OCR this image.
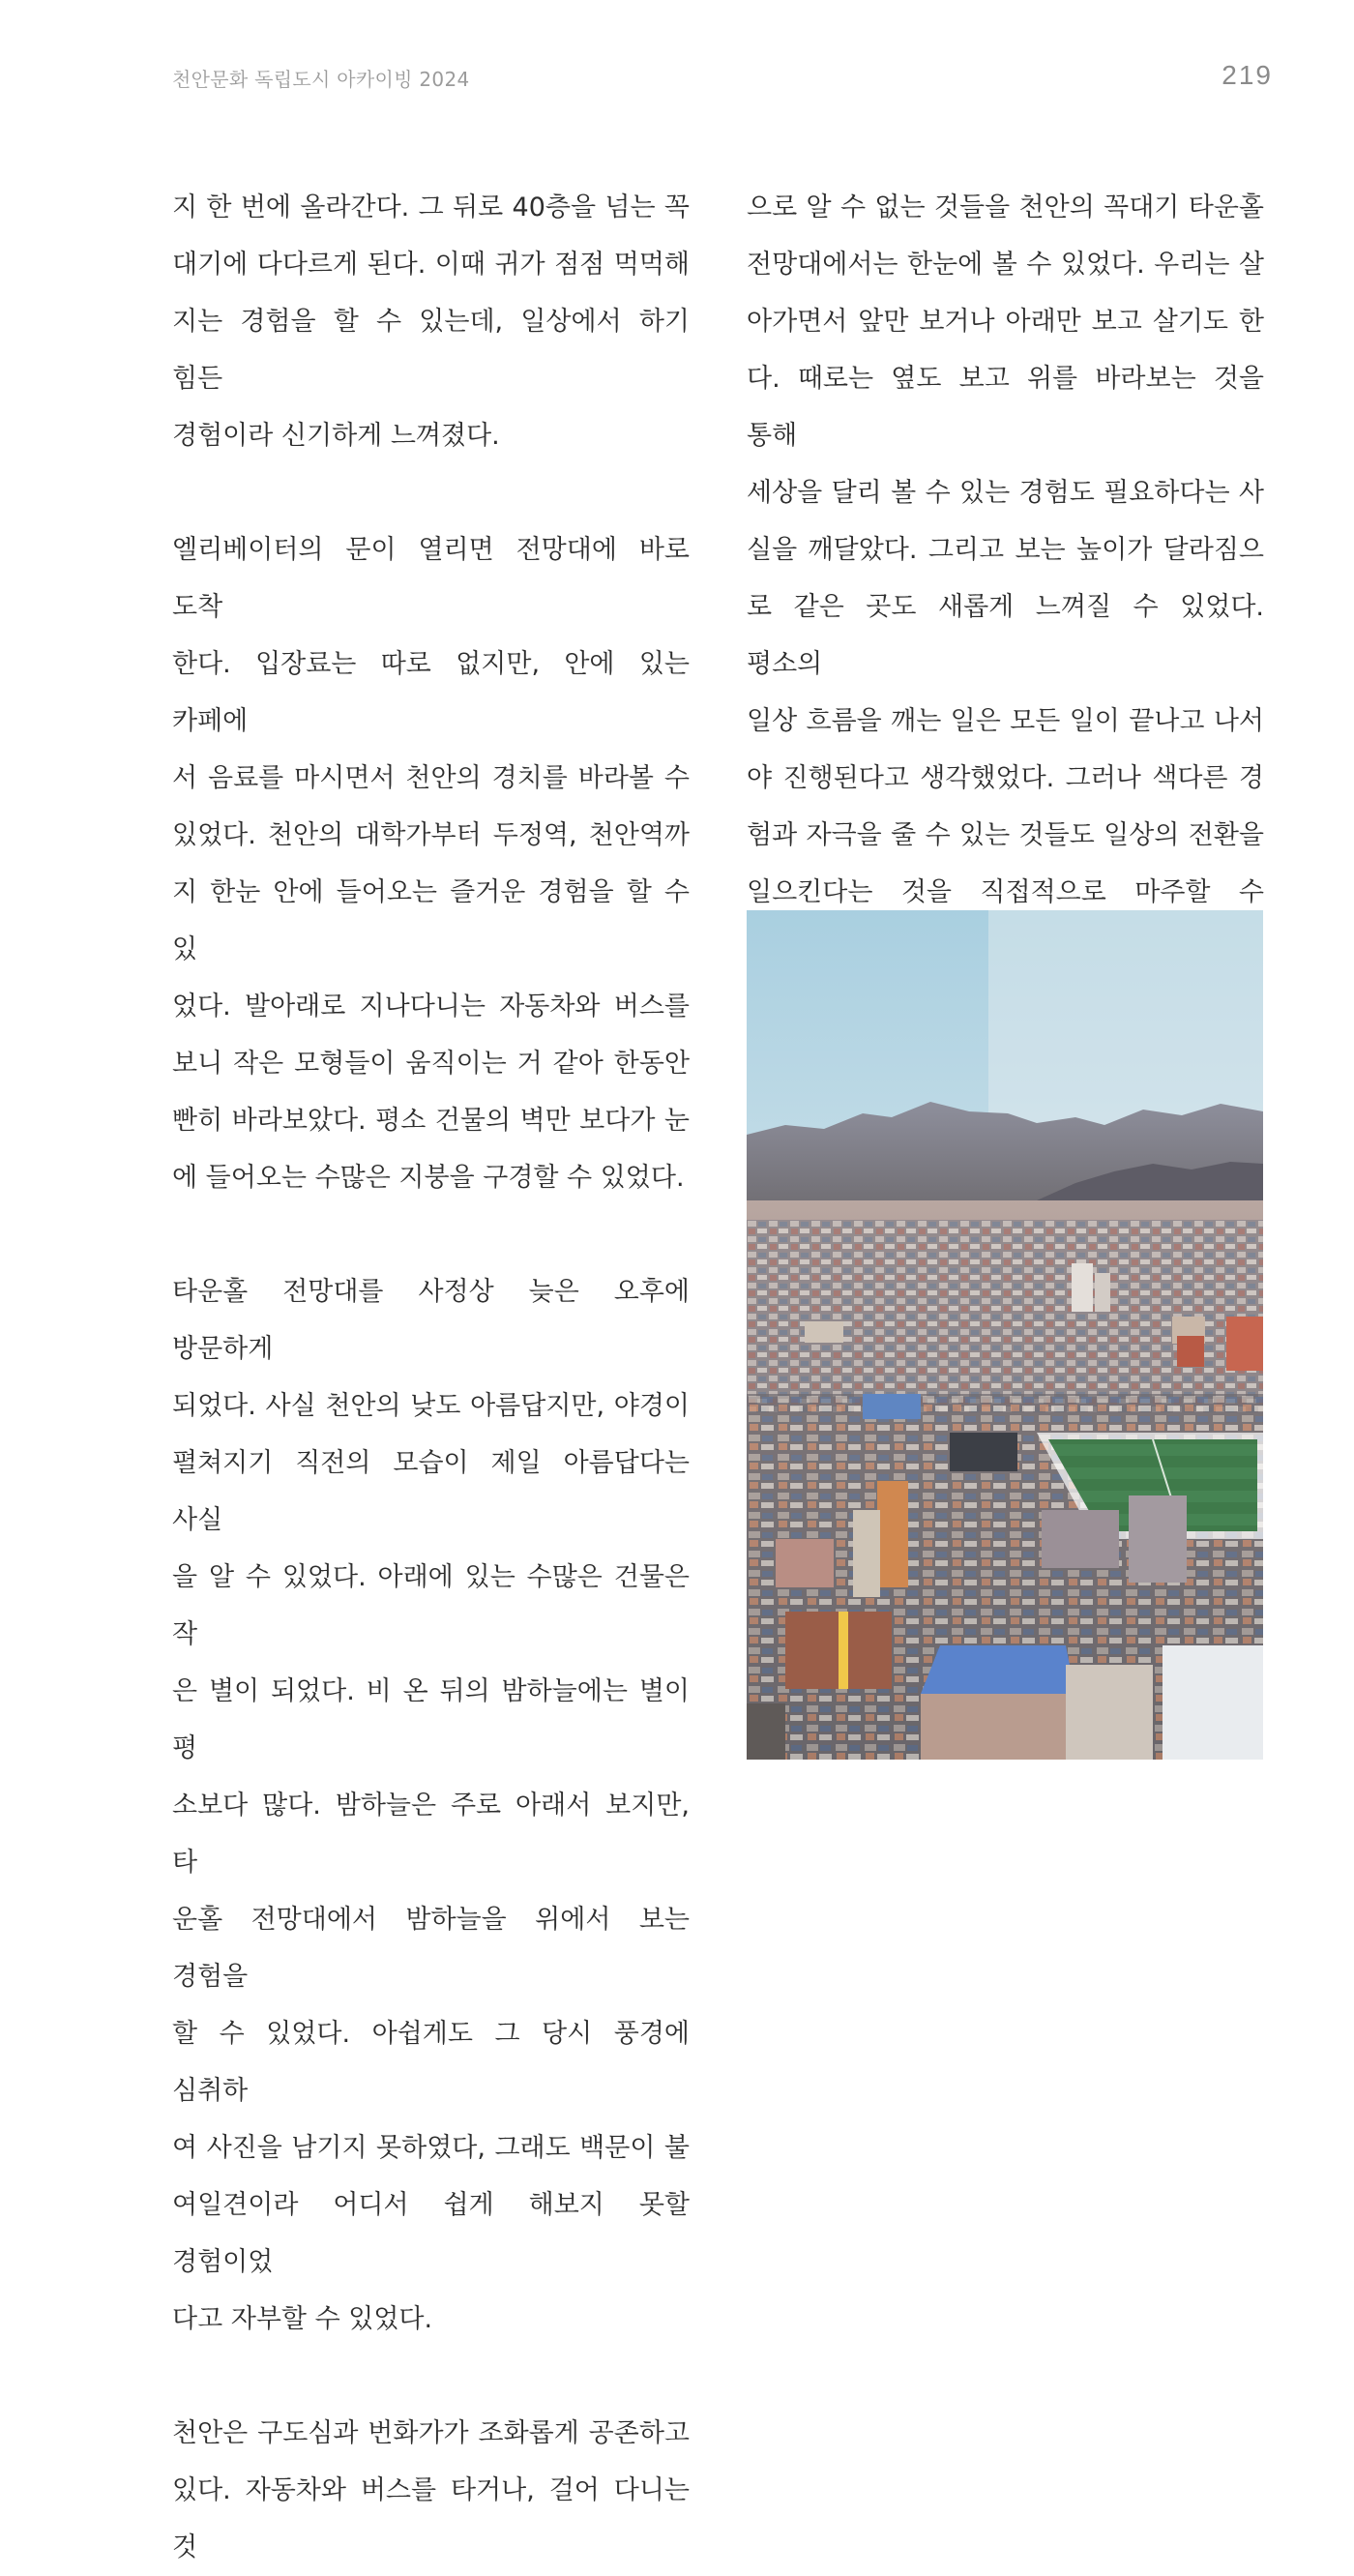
천안문화 독립도시 아카이빙 2024	219

지 한 번에 올라간다. 그 뒤로 40층을 넘는 꼭

대기에 다다르게 된다. 이때 귀가 점점 먹먹해

지는 경험을 할 수 있는데, 일상에서 하기 힘든

경험이라 신기하게 느껴졌다.

엘리베이터의 문이 열리면 전망대에 바로 도착

한다. 입장료는 따로 없지만, 안에 있는 카페에

서 음료를 마시면서 천안의 경치를 바라볼 수

있었다. 천안의 대학가부터 두정역, 천안역까

지 한눈 안에 들어오는 즐거운 경험을 할 수 있

었다. 발아래로 지나다니는 자동차와 버스를

보니 작은 모형들이 움직이는 거 같아 한동안

빤히 바라보았다. 평소 건물의 벽만 보다가 눈

에 들어오는 수많은 지붕을 구경할 수 있었다.

타운홀 전망대를 사정상 늦은 오후에 방문하게

되었다. 사실 천안의 낮도 아름답지만, 야경이

펼쳐지기 직전의 모습이 제일 아름답다는 사실

을 알 수 있었다. 아래에 있는 수많은 건물은 작

은 별이 되었다. 비 온 뒤의 밤하늘에는 별이 평

소보다 많다. 밤하늘은 주로 아래서 보지만, 타

운홀 전망대에서 밤하늘을 위에서 보는 경험을

할 수 있었다. 아쉽게도 그 당시 풍경에 심취하

여 사진을 남기지 못하였다, 그래도 백문이 불

여일견이라 어디서 쉽게 해보지 못할 경험이었

다고 자부할 수 있었다.

천안은 구도심과 번화가가 조화롭게 공존하고

있다. 자동차와 버스를 타거나, 걸어 다니는 것

으로 알 수 없는 것들을 천안의 꼭대기 타운홀

전망대에서는 한눈에 볼 수 있었다. 우리는 살

아가면서 앞만 보거나 아래만 보고 살기도 한

다. 때로는 옆도 보고 위를 바라보는 것을 통해

세상을 달리 볼 수 있는 경험도 필요하다는 사

실을 깨달았다. 그리고 보는 높이가 달라짐으

로 같은 곳도 새롭게 느껴질 수 있었다. 평소의

일상 흐름을 깨는 일은 모든 일이 끝나고 나서

야 진행된다고 생각했었다. 그러나 색다른 경

험과 자극을 줄 수 있는 것들도 일상의 전환을

일으킨다는 것을 직접적으로 마주할 수
